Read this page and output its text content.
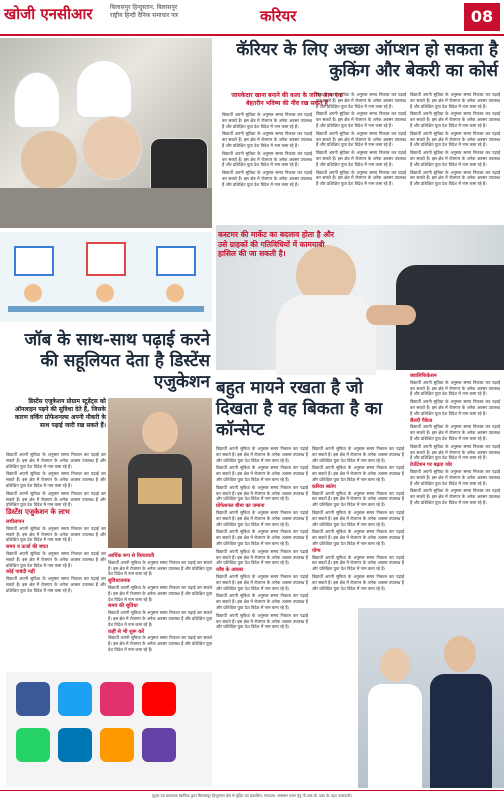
खोजी एनसीआर	बिलासपुर हिन्दुस्तान, बिलासपुर
राष्ट्रीय हिन्दी दैनिक समाचार पत्र	करियर	08
कॅरियर के लिए अच्छा ऑप्शन हो सकता है कुकिंग और बेकरी का कोर्स
जायकेदार खाना बनाने की कला के जरिए आप एक बेहतरीन भविष्य की नींव रख सकते हैं

विद्यार्थी अपनी सुविधा के अनुसार समय निकाल कर पढ़ाई कर सकते हैं। इस क्षेत्र में रोजगार के अनेक अवसर उपलब्ध हैं और प्रशिक्षित युवा देश विदेश में नाम कमा रहे हैं।

विद्यार्थी अपनी सुविधा के अनुसार समय निकाल कर पढ़ाई कर सकते हैं। इस क्षेत्र में रोजगार के अनेक अवसर उपलब्ध हैं और प्रशिक्षित युवा देश विदेश में नाम कमा रहे हैं।

विद्यार्थी अपनी सुविधा के अनुसार समय निकाल कर पढ़ाई कर सकते हैं। इस क्षेत्र में रोजगार के अनेक अवसर उपलब्ध हैं और प्रशिक्षित युवा देश विदेश में नाम कमा रहे हैं।

विद्यार्थी अपनी सुविधा के अनुसार समय निकाल कर पढ़ाई कर सकते हैं। इस क्षेत्र में रोजगार के अनेक अवसर उपलब्ध हैं और प्रशिक्षित युवा देश विदेश में नाम कमा रहे हैं।

विद्यार्थी अपनी सुविधा के अनुसार समय निकाल कर पढ़ाई कर सकते हैं। इस क्षेत्र में रोजगार के अनेक अवसर उपलब्ध हैं और प्रशिक्षित युवा देश विदेश में नाम कमा रहे हैं।

विद्यार्थी अपनी सुविधा के अनुसार समय निकाल कर पढ़ाई कर सकते हैं। इस क्षेत्र में रोजगार के अनेक अवसर उपलब्ध हैं और प्रशिक्षित युवा देश विदेश में नाम कमा रहे हैं।

विद्यार्थी अपनी सुविधा के अनुसार समय निकाल कर पढ़ाई कर सकते हैं। इस क्षेत्र में रोजगार के अनेक अवसर उपलब्ध हैं और प्रशिक्षित युवा देश विदेश में नाम कमा रहे हैं।

विद्यार्थी अपनी सुविधा के अनुसार समय निकाल कर पढ़ाई कर सकते हैं। इस क्षेत्र में रोजगार के अनेक अवसर उपलब्ध हैं और प्रशिक्षित युवा देश विदेश में नाम कमा रहे हैं।

विद्यार्थी अपनी सुविधा के अनुसार समय निकाल कर पढ़ाई कर सकते हैं। इस क्षेत्र में रोजगार के अनेक अवसर उपलब्ध हैं और प्रशिक्षित युवा देश विदेश में नाम कमा रहे हैं।

विद्यार्थी अपनी सुविधा के अनुसार समय निकाल कर पढ़ाई कर सकते हैं। इस क्षेत्र में रोजगार के अनेक अवसर उपलब्ध हैं और प्रशिक्षित युवा देश विदेश में नाम कमा रहे हैं।

विद्यार्थी अपनी सुविधा के अनुसार समय निकाल कर पढ़ाई कर सकते हैं। इस क्षेत्र में रोजगार के अनेक अवसर उपलब्ध हैं और प्रशिक्षित युवा देश विदेश में नाम कमा रहे हैं।

विद्यार्थी अपनी सुविधा के अनुसार समय निकाल कर पढ़ाई कर सकते हैं। इस क्षेत्र में रोजगार के अनेक अवसर उपलब्ध हैं और प्रशिक्षित युवा देश विदेश में नाम कमा रहे हैं।

विद्यार्थी अपनी सुविधा के अनुसार समय निकाल कर पढ़ाई कर सकते हैं। इस क्षेत्र में रोजगार के अनेक अवसर उपलब्ध हैं और प्रशिक्षित युवा देश विदेश में नाम कमा रहे हैं।

विद्यार्थी अपनी सुविधा के अनुसार समय निकाल कर पढ़ाई कर सकते हैं। इस क्षेत्र में रोजगार के अनेक अवसर उपलब्ध हैं और प्रशिक्षित युवा देश विदेश में नाम कमा रहे हैं।

कस्टमर की मार्केट का बदलाव होता है और उसे ग्राहकों की गतिविधियों में कामयाबी हासिल की जा सकती है।
क्वालिफिकेशन

विद्यार्थी अपनी सुविधा के अनुसार समय निकाल कर पढ़ाई कर सकते हैं। इस क्षेत्र में रोजगार के अनेक अवसर उपलब्ध हैं और प्रशिक्षित युवा देश विदेश में नाम कमा रहे हैं।

विद्यार्थी अपनी सुविधा के अनुसार समय निकाल कर पढ़ाई कर सकते हैं। इस क्षेत्र में रोजगार के अनेक अवसर उपलब्ध हैं और प्रशिक्षित युवा देश विदेश में नाम कमा रहे हैं।

सैलरी पैकेज

विद्यार्थी अपनी सुविधा के अनुसार समय निकाल कर पढ़ाई कर सकते हैं। इस क्षेत्र में रोजगार के अनेक अवसर उपलब्ध हैं और प्रशिक्षित युवा देश विदेश में नाम कमा रहे हैं।

विद्यार्थी अपनी सुविधा के अनुसार समय निकाल कर पढ़ाई कर सकते हैं। इस क्षेत्र में रोजगार के अनेक अवसर उपलब्ध हैं और प्रशिक्षित युवा देश विदेश में नाम कमा रहे हैं।

प्रेजेंटेशन पर बढ़ता जोर

विद्यार्थी अपनी सुविधा के अनुसार समय निकाल कर पढ़ाई कर सकते हैं। इस क्षेत्र में रोजगार के अनेक अवसर उपलब्ध हैं और प्रशिक्षित युवा देश विदेश में नाम कमा रहे हैं।

विद्यार्थी अपनी सुविधा के अनुसार समय निकाल कर पढ़ाई कर सकते हैं। इस क्षेत्र में रोजगार के अनेक अवसर उपलब्ध हैं और प्रशिक्षित युवा देश विदेश में नाम कमा रहे हैं।

जॉब के साथ-साथ पढ़ाई करने की सहूलियत देता है डिस्टेंस एजुकेशन
डिस्टेंस एजुकेशन प्रोग्राम स्टूडेंट्स को ऑनलाइन पढ़ने की सुविधा देते हैं, जिसके कारण वर्किंग प्रोफेशनल्स अपनी नौकरी के साथ पढ़ाई जारी रख सकते हैं।

विद्यार्थी अपनी सुविधा के अनुसार समय निकाल कर पढ़ाई कर सकते हैं। इस क्षेत्र में रोजगार के अनेक अवसर उपलब्ध हैं और प्रशिक्षित युवा देश विदेश में नाम कमा रहे हैं।

विद्यार्थी अपनी सुविधा के अनुसार समय निकाल कर पढ़ाई कर सकते हैं। इस क्षेत्र में रोजगार के अनेक अवसर उपलब्ध हैं और प्रशिक्षित युवा देश विदेश में नाम कमा रहे हैं।

विद्यार्थी अपनी सुविधा के अनुसार समय निकाल कर पढ़ाई कर सकते हैं। इस क्षेत्र में रोजगार के अनेक अवसर उपलब्ध हैं और प्रशिक्षित युवा देश विदेश में नाम कमा रहे हैं।

डिस्टेंस एजुकेशन के लाभ
लचीलापन

विद्यार्थी अपनी सुविधा के अनुसार समय निकाल कर पढ़ाई कर सकते हैं। इस क्षेत्र में रोजगार के अनेक अवसर उपलब्ध हैं और प्रशिक्षित युवा देश विदेश में नाम कमा रहे हैं।

समय व ऊर्जा की बचत

विद्यार्थी अपनी सुविधा के अनुसार समय निकाल कर पढ़ाई कर सकते हैं। इस क्षेत्र में रोजगार के अनेक अवसर उपलब्ध हैं और प्रशिक्षित युवा देश विदेश में नाम कमा रहे हैं।

कोई पाबंदी नहीं

विद्यार्थी अपनी सुविधा के अनुसार समय निकाल कर पढ़ाई कर सकते हैं। इस क्षेत्र में रोजगार के अनेक अवसर उपलब्ध हैं और प्रशिक्षित युवा देश विदेश में नाम कमा रहे हैं।

आर्थिक रूप से किफायती

विद्यार्थी अपनी सुविधा के अनुसार समय निकाल कर पढ़ाई कर सकते हैं। इस क्षेत्र में रोजगार के अनेक अवसर उपलब्ध हैं और प्रशिक्षित युवा देश विदेश में नाम कमा रहे हैं।

सुविधाजनक

विद्यार्थी अपनी सुविधा के अनुसार समय निकाल कर पढ़ाई कर सकते हैं। इस क्षेत्र में रोजगार के अनेक अवसर उपलब्ध हैं और प्रशिक्षित युवा देश विदेश में नाम कमा रहे हैं।

समय की सुविधा

विद्यार्थी अपनी सुविधा के अनुसार समय निकाल कर पढ़ाई कर सकते हैं। इस क्षेत्र में रोजगार के अनेक अवसर उपलब्ध हैं और प्रशिक्षित युवा देश विदेश में नाम कमा रहे हैं।

कहीं से भी शुरू करें

विद्यार्थी अपनी सुविधा के अनुसार समय निकाल कर पढ़ाई कर सकते हैं। इस क्षेत्र में रोजगार के अनेक अवसर उपलब्ध हैं और प्रशिक्षित युवा देश विदेश में नाम कमा रहे हैं।

बहुत मायने रखता है जो दिखता है वह बिकता है का कॉन्सेप्ट

विद्यार्थी अपनी सुविधा के अनुसार समय निकाल कर पढ़ाई कर सकते हैं। इस क्षेत्र में रोजगार के अनेक अवसर उपलब्ध हैं और प्रशिक्षित युवा देश विदेश में नाम कमा रहे हैं।

विद्यार्थी अपनी सुविधा के अनुसार समय निकाल कर पढ़ाई कर सकते हैं। इस क्षेत्र में रोजगार के अनेक अवसर उपलब्ध हैं और प्रशिक्षित युवा देश विदेश में नाम कमा रहे हैं।

विद्यार्थी अपनी सुविधा के अनुसार समय निकाल कर पढ़ाई कर सकते हैं। इस क्षेत्र में रोजगार के अनेक अवसर उपलब्ध हैं और प्रशिक्षित युवा देश विदेश में नाम कमा रहे हैं।

प्रोफेशनल बीमा का जमाना

विद्यार्थी अपनी सुविधा के अनुसार समय निकाल कर पढ़ाई कर सकते हैं। इस क्षेत्र में रोजगार के अनेक अवसर उपलब्ध हैं और प्रशिक्षित युवा देश विदेश में नाम कमा रहे हैं।

विद्यार्थी अपनी सुविधा के अनुसार समय निकाल कर पढ़ाई कर सकते हैं। इस क्षेत्र में रोजगार के अनेक अवसर उपलब्ध हैं और प्रशिक्षित युवा देश विदेश में नाम कमा रहे हैं।

विद्यार्थी अपनी सुविधा के अनुसार समय निकाल कर पढ़ाई कर सकते हैं। इस क्षेत्र में रोजगार के अनेक अवसर उपलब्ध हैं और प्रशिक्षित युवा देश विदेश में नाम कमा रहे हैं।

जॉब के अवसर

विद्यार्थी अपनी सुविधा के अनुसार समय निकाल कर पढ़ाई कर सकते हैं। इस क्षेत्र में रोजगार के अनेक अवसर उपलब्ध हैं और प्रशिक्षित युवा देश विदेश में नाम कमा रहे हैं।

विद्यार्थी अपनी सुविधा के अनुसार समय निकाल कर पढ़ाई कर सकते हैं। इस क्षेत्र में रोजगार के अनेक अवसर उपलब्ध हैं और प्रशिक्षित युवा देश विदेश में नाम कमा रहे हैं।

विद्यार्थी अपनी सुविधा के अनुसार समय निकाल कर पढ़ाई कर सकते हैं। इस क्षेत्र में रोजगार के अनेक अवसर उपलब्ध हैं और प्रशिक्षित युवा देश विदेश में नाम कमा रहे हैं।

विद्यार्थी अपनी सुविधा के अनुसार समय निकाल कर पढ़ाई कर सकते हैं। इस क्षेत्र में रोजगार के अनेक अवसर उपलब्ध हैं और प्रशिक्षित युवा देश विदेश में नाम कमा रहे हैं।

विद्यार्थी अपनी सुविधा के अनुसार समय निकाल कर पढ़ाई कर सकते हैं। इस क्षेत्र में रोजगार के अनेक अवसर उपलब्ध हैं और प्रशिक्षित युवा देश विदेश में नाम कमा रहे हैं।

करियर स्कोप

विद्यार्थी अपनी सुविधा के अनुसार समय निकाल कर पढ़ाई कर सकते हैं। इस क्षेत्र में रोजगार के अनेक अवसर उपलब्ध हैं और प्रशिक्षित युवा देश विदेश में नाम कमा रहे हैं।

विद्यार्थी अपनी सुविधा के अनुसार समय निकाल कर पढ़ाई कर सकते हैं। इस क्षेत्र में रोजगार के अनेक अवसर उपलब्ध हैं और प्रशिक्षित युवा देश विदेश में नाम कमा रहे हैं।

विद्यार्थी अपनी सुविधा के अनुसार समय निकाल कर पढ़ाई कर सकते हैं। इस क्षेत्र में रोजगार के अनेक अवसर उपलब्ध हैं और प्रशिक्षित युवा देश विदेश में नाम कमा रहे हैं।

योग्य

विद्यार्थी अपनी सुविधा के अनुसार समय निकाल कर पढ़ाई कर सकते हैं। इस क्षेत्र में रोजगार के अनेक अवसर उपलब्ध हैं और प्रशिक्षित युवा देश विदेश में नाम कमा रहे हैं।

विद्यार्थी अपनी सुविधा के अनुसार समय निकाल कर पढ़ाई कर सकते हैं। इस क्षेत्र में रोजगार के अनेक अवसर उपलब्ध हैं और प्रशिक्षित युवा देश विदेश में नाम कमा रहे हैं।

मुद्रक एवं प्रकाशक स्वामित्व द्वारा बिलासपुर हिन्दुस्तान प्रेस से मुद्रित एवं प्रकाशित, संपादक: समाचार चयन हेतु पी.आर.बी. एक्ट के तहत उत्तरदायी।
